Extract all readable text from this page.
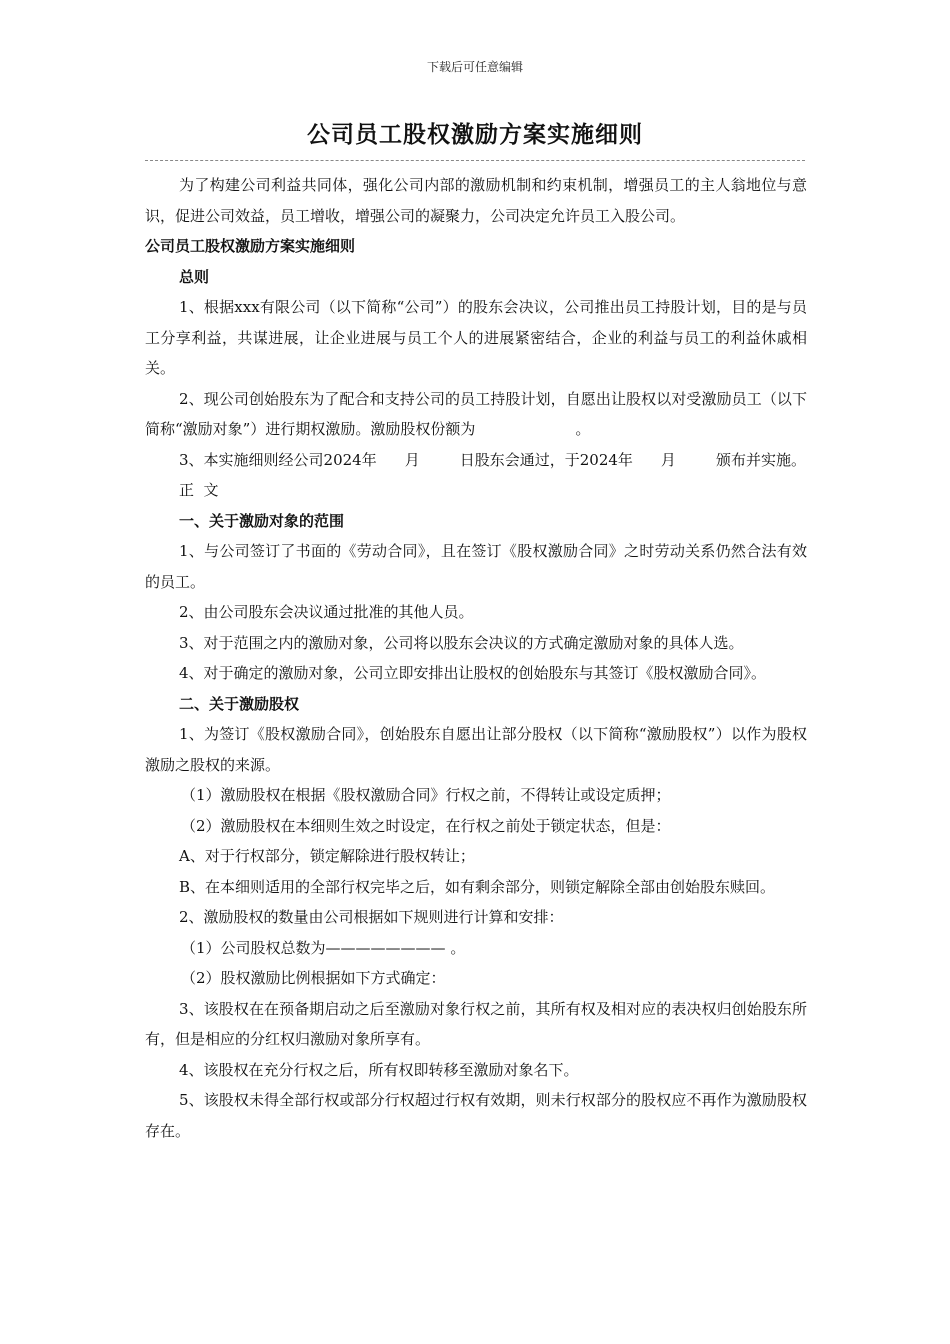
下载后可任意编辑
公司员工股权激励方案实施细则

为了构建公司利益共同体，强化公司内部的激励机制和约束机制，增强员工的主人翁地位与意识，促进公司效益，员工增收，增强公司的凝聚力，公司决定允许员工入股公司。

公司员工股权激励方案实施细则

总则

1、根据xxx有限公司（以下简称“公司”）的股东会决议，公司推出员工持股计划，目的是与员工分享利益，共谋进展，让企业进展与员工个人的进展紧密结合，企业的利益与员工的利益休戚相关。

2、现公司创始股东为了配合和支持公司的员工持股计划，自愿出让股权以对受激励员工（以下简称“激励对象”）进行期权激励。激励股权份额为	。

3、本实施细则经公司2024年 月	日股东会通过，于2024年 月	颁布并实施。

正  文

一、关于激励对象的范围

1、与公司签订了书面的《劳动合同》，且在签订《股权激励合同》之时劳动关系仍然合法有效的员工。

2、由公司股东会决议通过批准的其他人员。

3、对于范围之内的激励对象，公司将以股东会决议的方式确定激励对象的具体人选。

4、对于确定的激励对象，公司立即安排出让股权的创始股东与其签订《股权激励合同》。

二、关于激励股权

1、为签订《股权激励合同》，创始股东自愿出让部分股权（以下简称“激励股权”）以作为股权激励之股权的来源。

（1）激励股权在根据《股权激励合同》行权之前，不得转让或设定质押；

（2）激励股权在本细则生效之时设定，在行权之前处于锁定状态，但是：

A、对于行权部分，锁定解除进行股权转让；

B、在本细则适用的全部行权完毕之后，如有剩余部分，则锁定解除全部由创始股东赎回。

2、激励股权的数量由公司根据如下规则进行计算和安排：

（1）公司股权总数为———————— 。

（2）股权激励比例根据如下方式确定：

3、该股权在在预备期启动之后至激励对象行权之前，其所有权及相对应的表决权归创始股东所有，但是相应的分红权归激励对象所享有。

4、该股权在充分行权之后，所有权即转移至激励对象名下。

5、该股权未得全部行权或部分行权超过行权有效期，则未行权部分的股权应不再作为激励股权存在。
